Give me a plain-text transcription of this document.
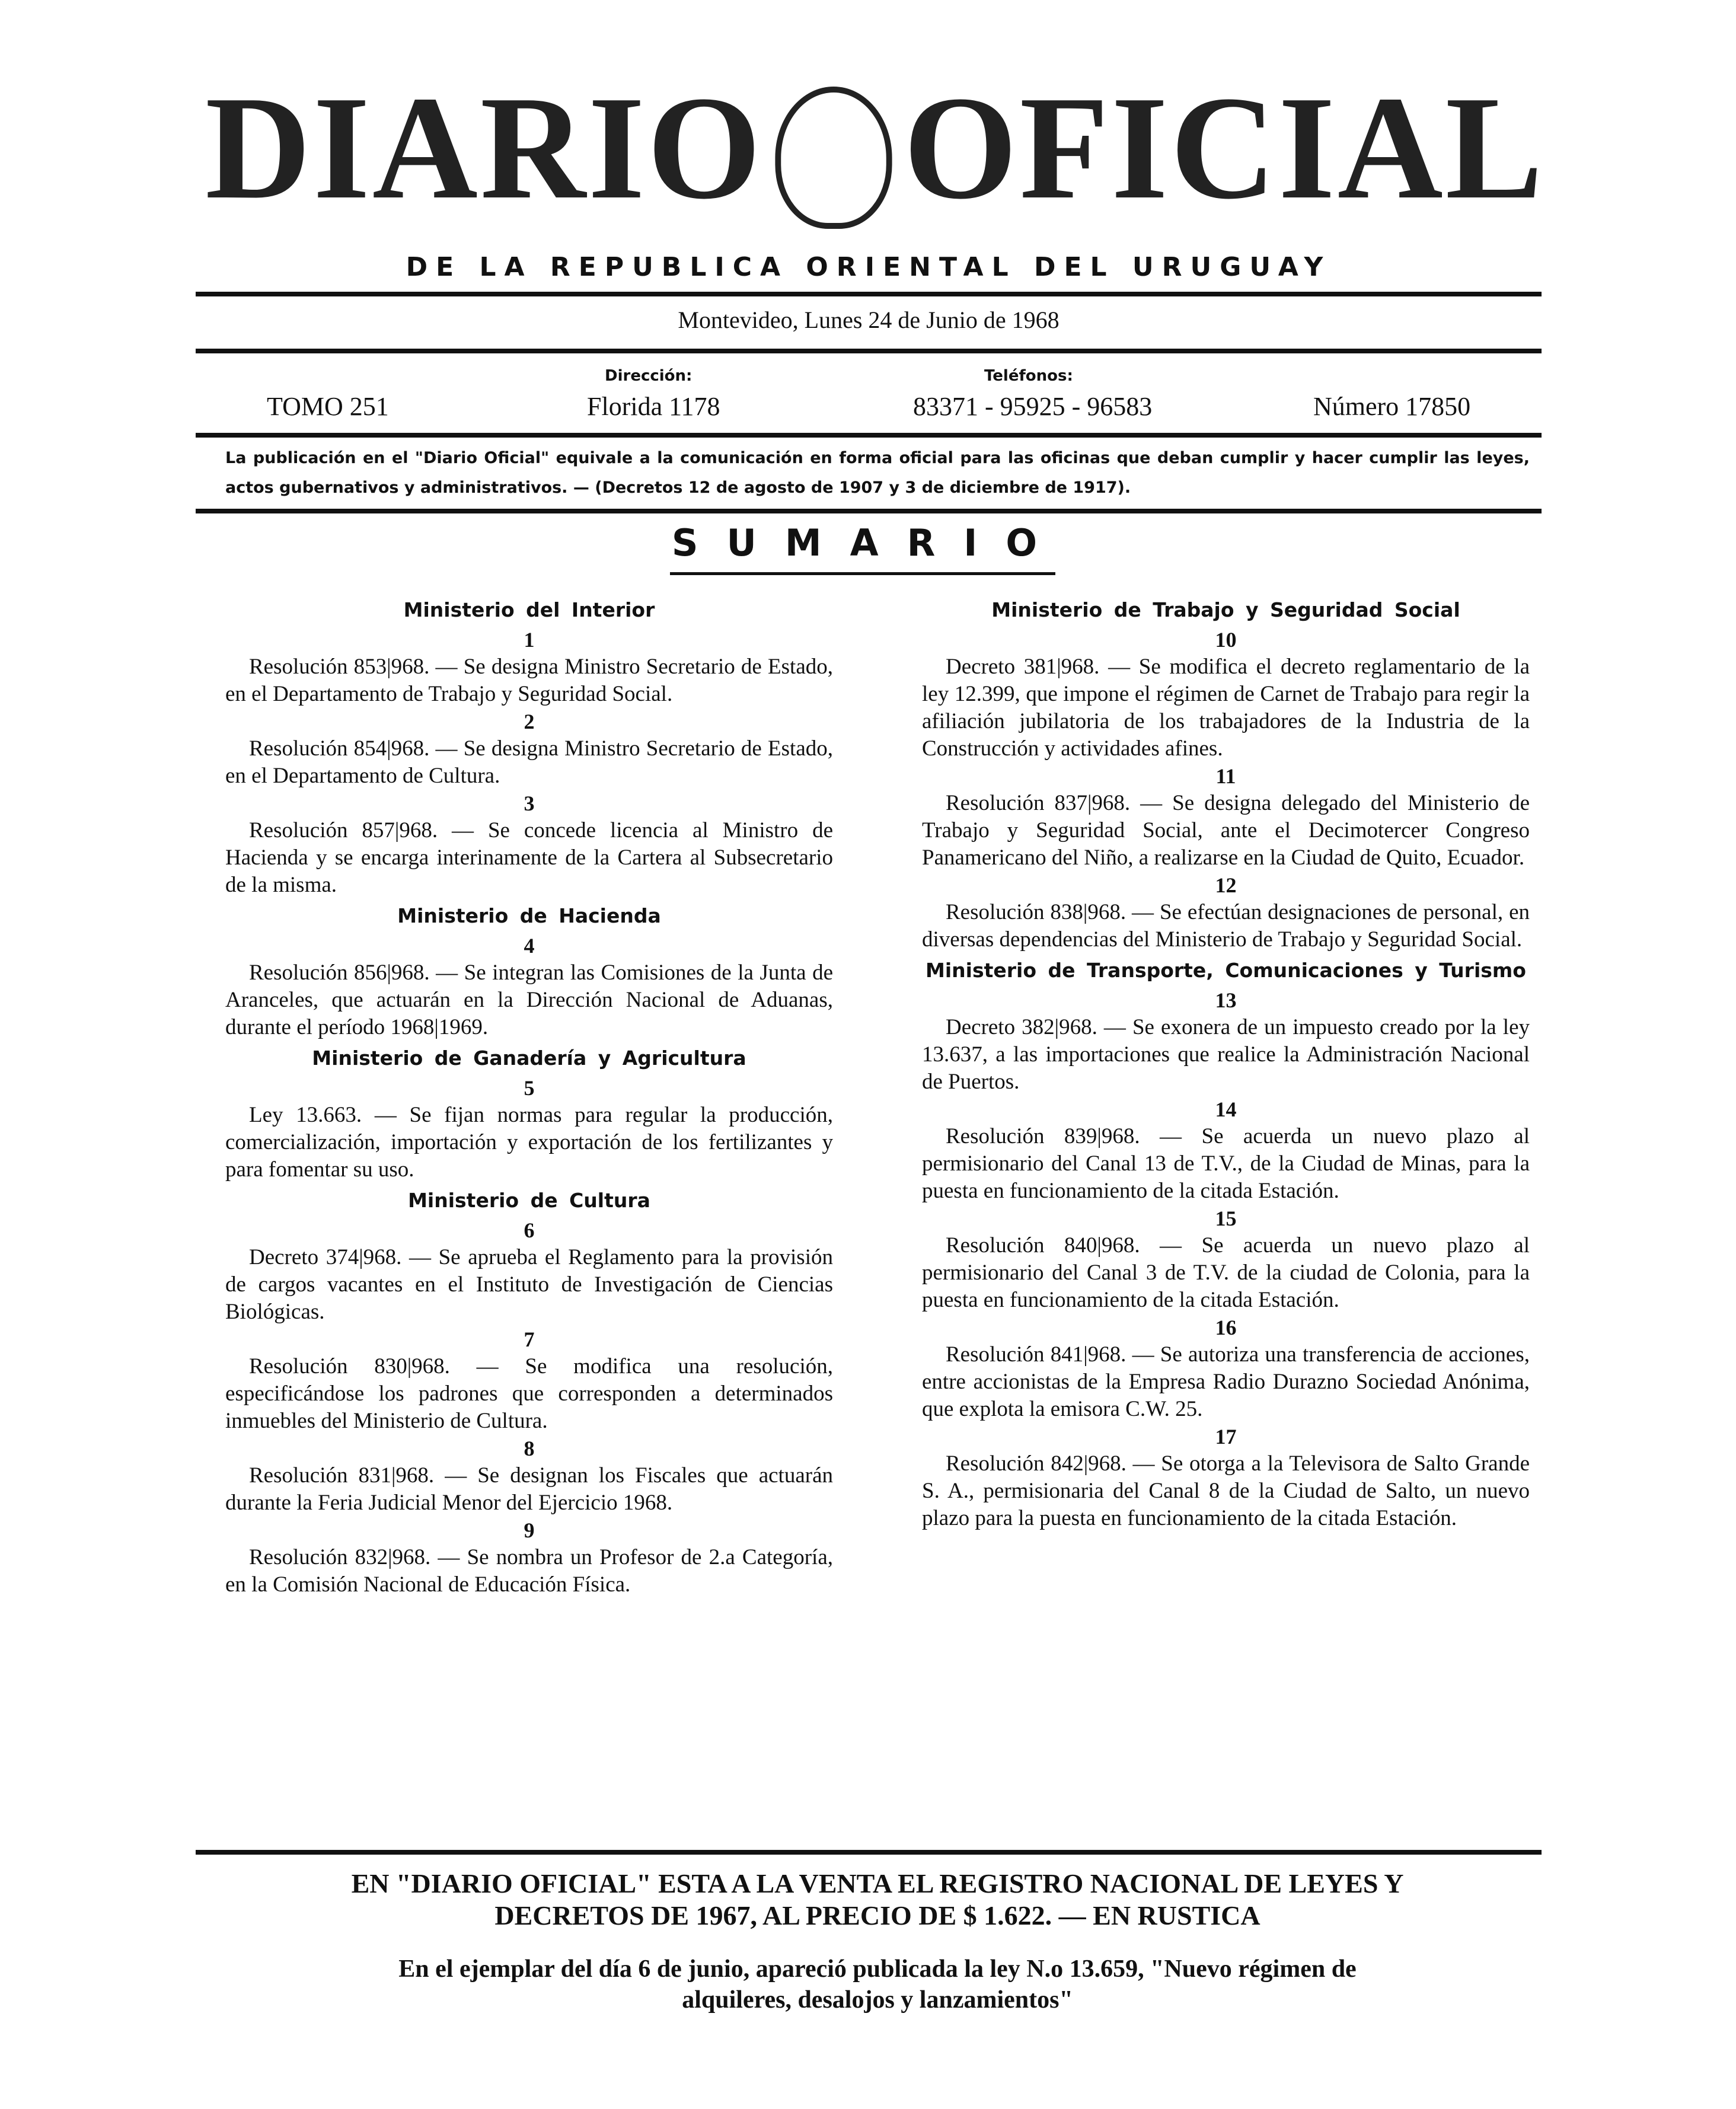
DIARIO OFICIAL
DE LA REPUBLICA ORIENTAL DEL URUGUAY
Montevideo, Lunes 24 de Junio de 1968
TOMO 251
Dirección:
Florida 1178
Teléfonos:
83371 - 95925 - 96583	Número 17850
La publicación en el "Diario Oficial" equivale a la comunicación en forma oficial para las oficinas que deban cumplir y hacer cumplir las leyes, actos gubernativos y administrativos. — (Decretos 12 de agosto de 1907 y 3 de diciembre de 1917).
SUMARIO
Ministerio del Interior
1

Resolución 853|968. — Se designa Ministro Secretario de Estado, en el Departamento de Trabajo y Seguridad Social.

2

Resolución 854|968. — Se designa Ministro Secretario de Estado, en el Departamento de Cultura.

3

Resolución 857|968. — Se concede licencia al Ministro de Hacienda y se encarga interinamente de la Cartera al Subsecretario de la misma.

Ministerio de Hacienda
4

Resolución 856|968. — Se integran las Comisiones de la Junta de Aranceles, que actuarán en la Dirección Nacional de Aduanas, durante el período 1968|1969.

Ministerio de Ganadería y Agricultura
5

Ley 13.663. — Se fijan normas para regular la producción, comercialización, importación y exportación de los fertilizantes y para fomentar su uso.

Ministerio de Cultura
6

Decreto 374|968. — Se aprueba el Reglamento para la provisión de cargos vacantes en el Instituto de Investigación de Ciencias Biológicas.

7

Resolución 830|968. — Se modifica una resolución, especificándose los padrones que corresponden a determinados inmuebles del Ministerio de Cultura.

8

Resolución 831|968. — Se designan los Fiscales que actuarán durante la Feria Judicial Menor del Ejercicio 1968.

9

Resolución 832|968. — Se nombra un Profesor de 2.a Categoría, en la Comisión Nacional de Educación Física.

Ministerio de Trabajo y Seguridad Social
10

Decreto 381|968. — Se modifica el decreto reglamentario de la ley 12.399, que impone el régimen de Carnet de Trabajo para regir la afiliación jubilatoria de los trabajadores de la Industria de la Construcción y actividades afines.

11

Resolución 837|968. — Se designa delegado del Ministerio de Trabajo y Seguridad Social, ante el Decimotercer Congreso Panamericano del Niño, a realizarse en la Ciudad de Quito, Ecuador.

12

Resolución 838|968. — Se efectúan designaciones de personal, en diversas dependencias del Ministerio de Trabajo y Seguridad Social.

Ministerio de Transporte, Comunicaciones y Turismo
13

Decreto 382|968. — Se exonera de un impuesto creado por la ley 13.637, a las importaciones que realice la Administración Nacional de Puertos.

14

Resolución 839|968. — Se acuerda un nuevo plazo al permisionario del Canal 13 de T.V., de la Ciudad de Minas, para la puesta en funcionamiento de la citada Estación.

15

Resolución 840|968. — Se acuerda un nuevo plazo al permisionario del Canal 3 de T.V. de la ciudad de Colonia, para la puesta en funcionamiento de la citada Estación.

16

Resolución 841|968. — Se autoriza una transferencia de acciones, entre accionistas de la Empresa Radio Durazno Sociedad Anónima, que explota la emisora C.W. 25.

17

Resolución 842|968. — Se otorga a la Televisora de Salto Grande S. A., permisionaria del Canal 8 de la Ciudad de Salto, un nuevo plazo para la puesta en funcionamiento de la citada Estación.

EN "DIARIO OFICIAL" ESTA A LA VENTA EL REGISTRO NACIONAL DE LEYES Y
DECRETOS DE 1967, AL PRECIO DE $ 1.622. — EN RUSTICA
En el ejemplar del día 6 de junio, apareció publicada la ley N.o 13.659, "Nuevo régimen de
alquileres, desalojos y lanzamientos"
